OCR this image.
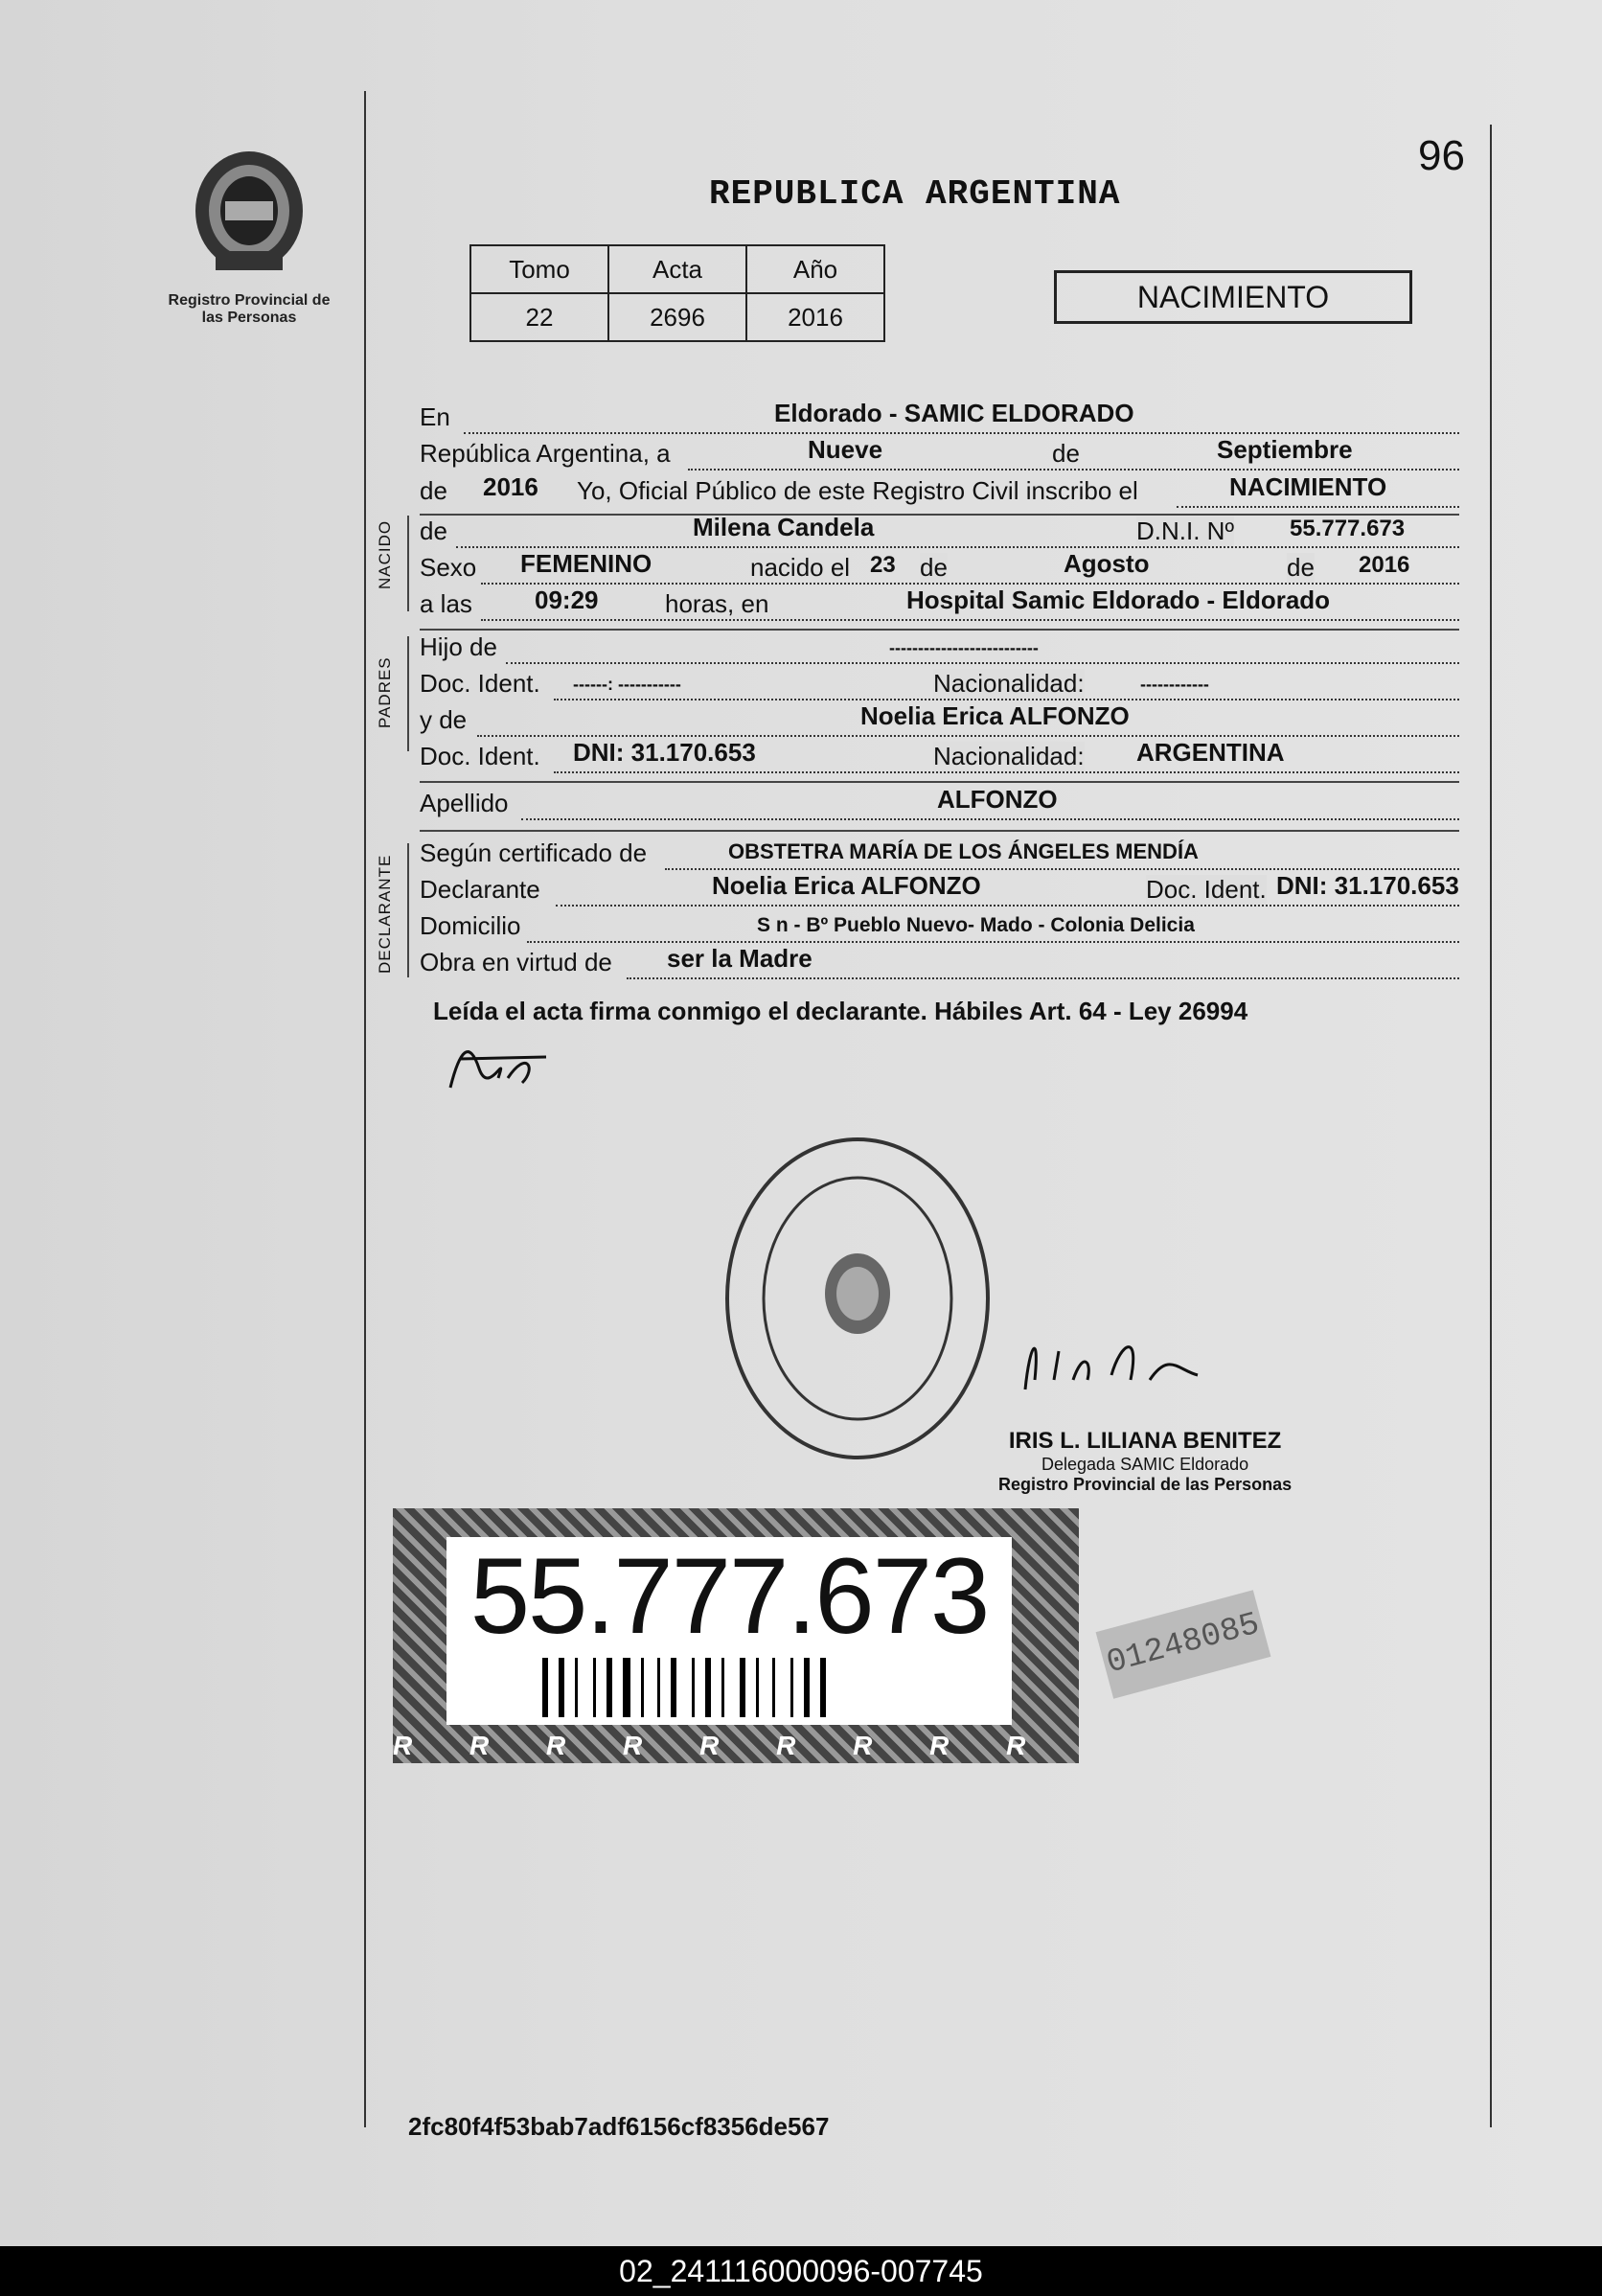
Registro Provincial de las Personas
REPUBLICA ARGENTINA
96
Tomo	Acta	Año
22	2696	2016
NACIMIENTO
En	Eldorado - SAMIC ELDORADO
República Argentina, a	Nueve	de	Septiembre
de 2016 Yo, Oficial Público de este Registro Civil inscribo el	NACIMIENTO
NACIDO de	Milena Candela	D.N.I. Nº 55.777.673
Sexo FEMENINO	nacido el 23 de	Agosto	de 2016
a las	09:29	horas, en	Hospital Samic Eldorado - Eldorado
PADRES
Hijo de	--------------------------
Doc. Ident. ------: -----------	Nacionalidad:	------------
y de	Noelia Erica ALFONZO
Doc. Ident. DNI: 31.170.653	Nacionalidad: ARGENTINA
Apellido	ALFONZO
DECLARANTE
Según certificado de	OBSTETRA MARÍA DE LOS ÁNGELES MENDÍA
Declarante	Noelia Erica ALFONZO	Doc. Ident. DNI: 31.170.653
Domicilio	S n - Bº Pueblo Nuevo- Mado - Colonia Delicia
Obra en virtud de ser la Madre
Leída el acta firma conmigo el declarante. Hábiles Art. 64 - Ley 26994
IRIS L. LILIANA BENITEZ
Delegada SAMIC Eldorado
Registro Provincial de las Personas
55.777.673
R R R R R R R R R
01248085
2fc80f4f53bab7adf6156cf8356de567
02_241116000096-007745
